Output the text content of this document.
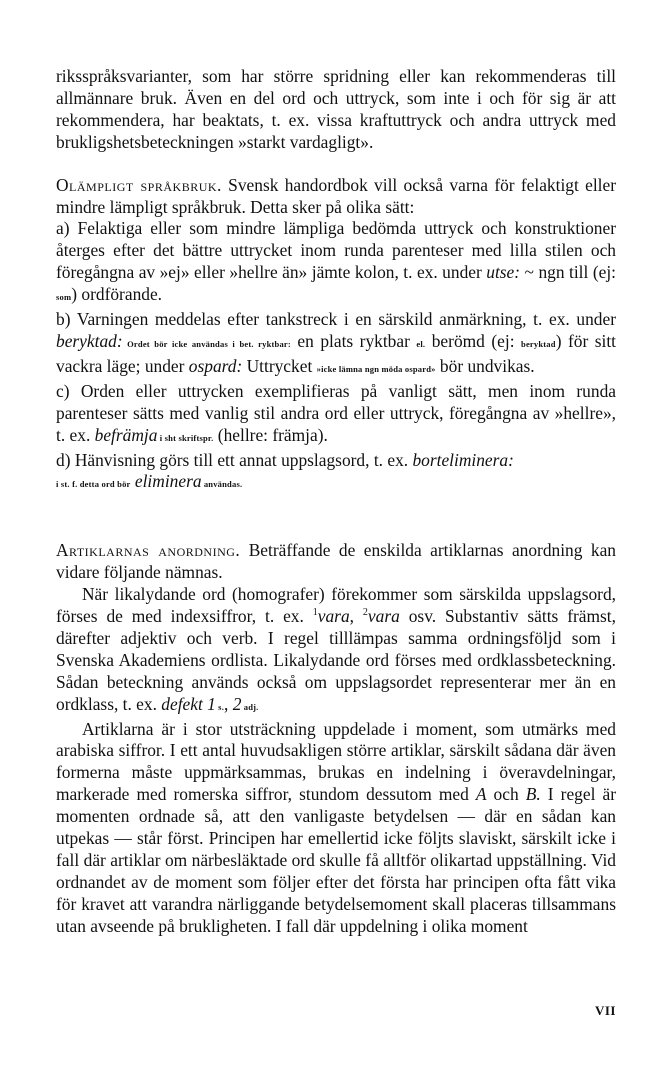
riksspråksvarianter, som har större spridning eller kan rekommenderas till allmännare bruk. Även en del ord och uttryck, som inte i och för sig är att rekommendera, har beaktats, t. ex. vissa kraftuttryck och andra uttryck med brukligshetsbeteckningen »starkt vardagligt».

Olämpligt språkbruk. Svensk handordbok vill också varna för felaktigt eller mindre lämpligt språkbruk. Detta sker på olika sätt:

a) Felaktiga eller som mindre lämpliga bedömda uttryck och konstruktioner återges efter det bättre uttrycket inom runda parenteser med lilla stilen och föregångna av »ej» eller »hellre än» jämte kolon, t. ex. under utse: ~ ngn till (ej: som) ordförande.

b) Varningen meddelas efter tankstreck i en särskild anmärkning, t. ex. under beryktad: Ordet bör icke användas i bet. ryktbar: en plats ryktbar el. berömd (ej: beryktad) för sitt vackra läge; under ospard: Uttrycket »icke lämna ngn möda ospard» bör undvikas.

c) Orden eller uttrycken exemplifieras på vanligt sätt, men inom runda parenteser sätts med vanlig stil andra ord eller uttryck, föregångna av »hellre», t. ex. befrämja i sht skriftspr. (hellre: främja).

d) Hänvisning görs till ett annat uppslagsord, t. ex. borteliminera:
i st. f. detta ord bör eliminera användas.

Artiklarnas anordning. Beträffande de enskilda artiklarnas anordning kan vidare följande nämnas.

När likalydande ord (homografer) förekommer som särskilda uppslagsord, förses de med indexsiffror, t. ex. $^1$vara, $^2$vara osv. Substantiv sätts främst, därefter adjektiv och verb. I regel tilllämpas samma ordningsföljd som i Svenska Akademiens ordlista. Likalydande ord förses med ordklassbeteckning. Sådan beteckning används också om uppslagsordet representerar mer än en ordklass, t. ex. defekt 1 s., 2 adj.

Artiklarna är i stor utsträckning uppdelade i moment, som utmärks med arabiska siffror. I ett antal huvudsakligen större artiklar, särskilt sådana där även formerna måste uppmärksammas, brukas en indelning i överavdelningar, markerade med romerska siffror, stundom dessutom med A och B. I regel är momenten ordnade så, att den vanligaste betydelsen — där en sådan kan utpekas — står först. Principen har emellertid icke följts slaviskt, särskilt icke i fall där artiklar om närbesläktade ord skulle få alltför olikartad uppställning. Vid ordnandet av de moment som följer efter det första har principen ofta fått vika för kravet att varandra närliggande betydelsemoment skall placeras tillsammans utan avseende på brukligheten. I fall där uppdelning i olika moment

VII
